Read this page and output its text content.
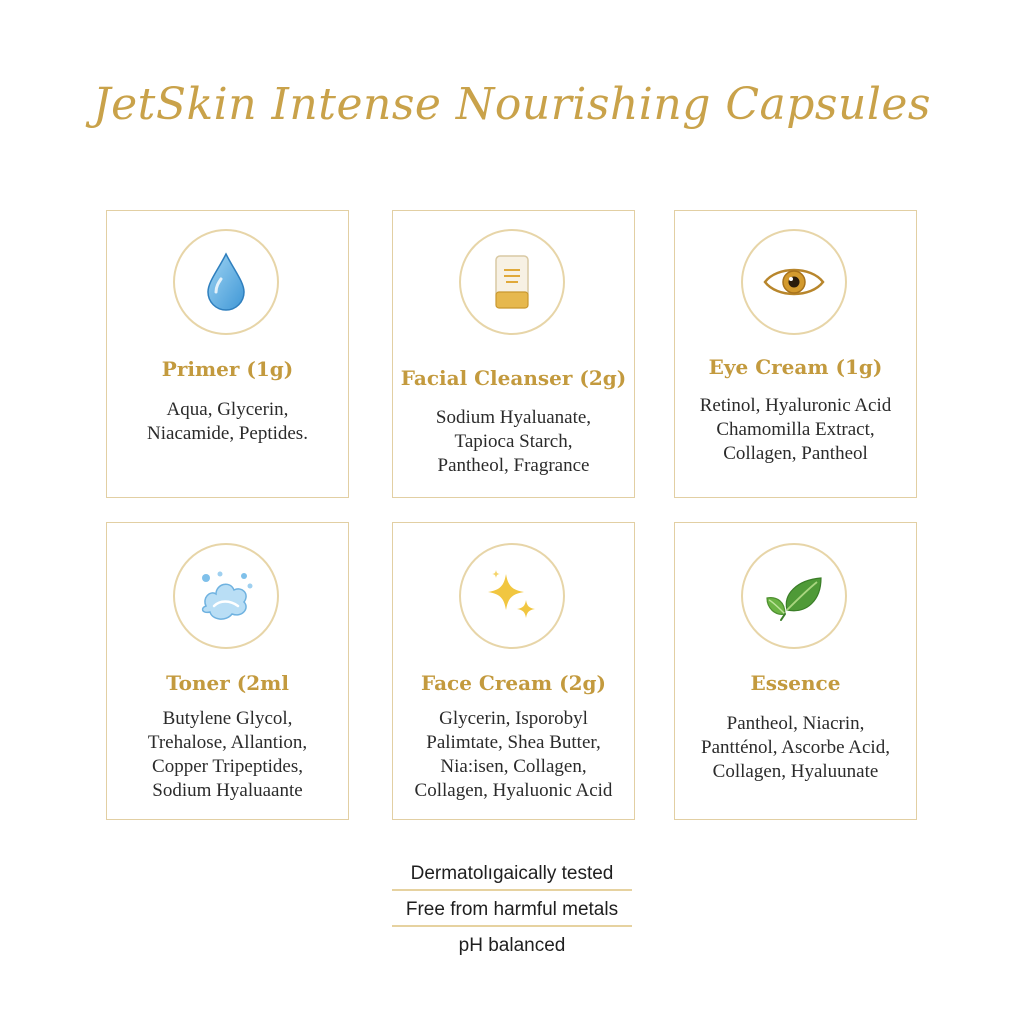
JetSkin Intense Nourishing Capsules
Primer (1g)
Aqua, Glycerin,
Niacamide, Peptides.
Facial Cleanser (2g)
Sodium Hyaluanate,
Tapioca Starch,
Pantheol, Fragrance
Eye Cream (1g)
Retinol, Hyaluronic Acid
Chamomilla Extract,
Collagen, Pantheol
Toner (2ml
Butylene Glycol,
Trehalose, Allantion,
Copper Tripeptides,
Sodium Hyaluaante
Face Cream (2g)
Glycerin, Isporobyl
Palimtate, Shea Butter,
Nia:isen, Collagen,
Collagen, Hyaluonic Acid
Essence
Pantheol, Niacrin,
Pantténol, Ascorbe Acid,
Collagen, Hyaluunate
Dermatolıgaically tested
Free from harmful metals
pH balanced
